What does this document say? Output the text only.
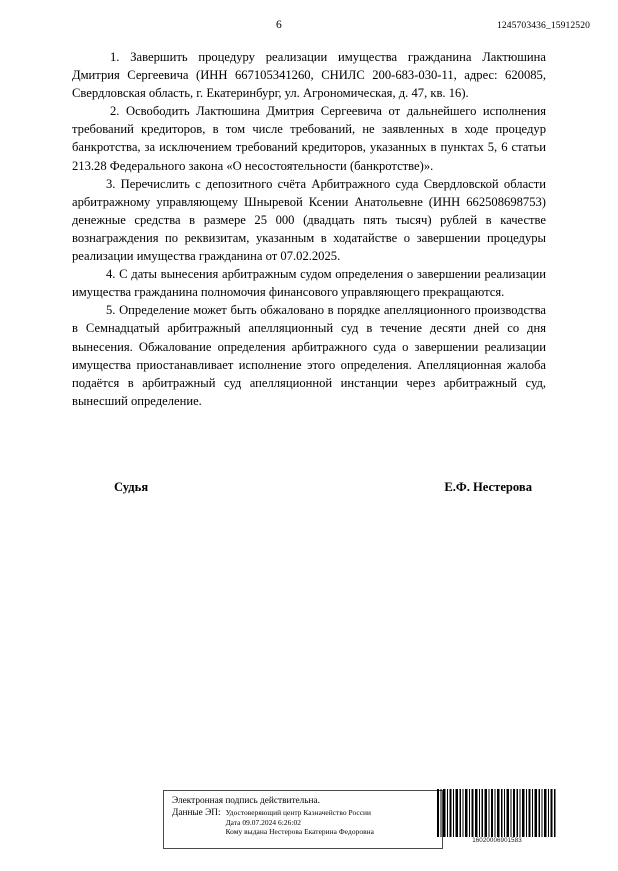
6	1245703436_15912520

1. Завершить процедуру реализации имущества гражданина Лактюшина Дмитрия Сергеевича (ИНН 667105341260, СНИЛС 200-683-030-11, адрес: 620085, Свердловская область, г. Екатеринбург, ул. Агрономическая, д. 47, кв. 16).

2. Освободить Лактюшина Дмитрия Сергеевича от дальнейшего исполнения требований кредиторов, в том числе требований, не заявленных в ходе процедур банкротства, за исключением требований кредиторов, указанных в пунктах 5, 6 статьи 213.28 Федерального закона «О несостоятельности (банкротстве)».

3. Перечислить с депозитного счёта Арбитражного суда Свердловской области арбитражному управляющему Шныревой Ксении Анатольевне (ИНН 662508698753) денежные средства в размере 25 000 (двадцать пять тысяч) рублей в качестве вознаграждения по реквизитам, указанным в ходатайстве о завершении процедуры реализации имущества гражданина от 07.02.2025.

4. С даты вынесения арбитражным судом определения о завершении реализации имущества гражданина полномочия финансового управляющего прекращаются.

5. Определение может быть обжаловано в порядке апелляционного производства в Семнадцатый арбитражный апелляционный суд в течение десяти дней со дня вынесения. Обжалование определения арбитражного суда о завершении реализации имущества приостанавливает исполнение этого определения. Апелляционная жалоба подаётся в арбитражный суд апелляционной инстанции через арбитражный суд, вынесший определение.

Судья	Е.Ф. Нестерова
Электронная подпись действительна.
Данные ЭП: Удостоверяющий центр Казначейство России
Дата 09.07.2024 6:26:02
Кому выдана Нестерова Екатерина Федоровна
16020006901583
